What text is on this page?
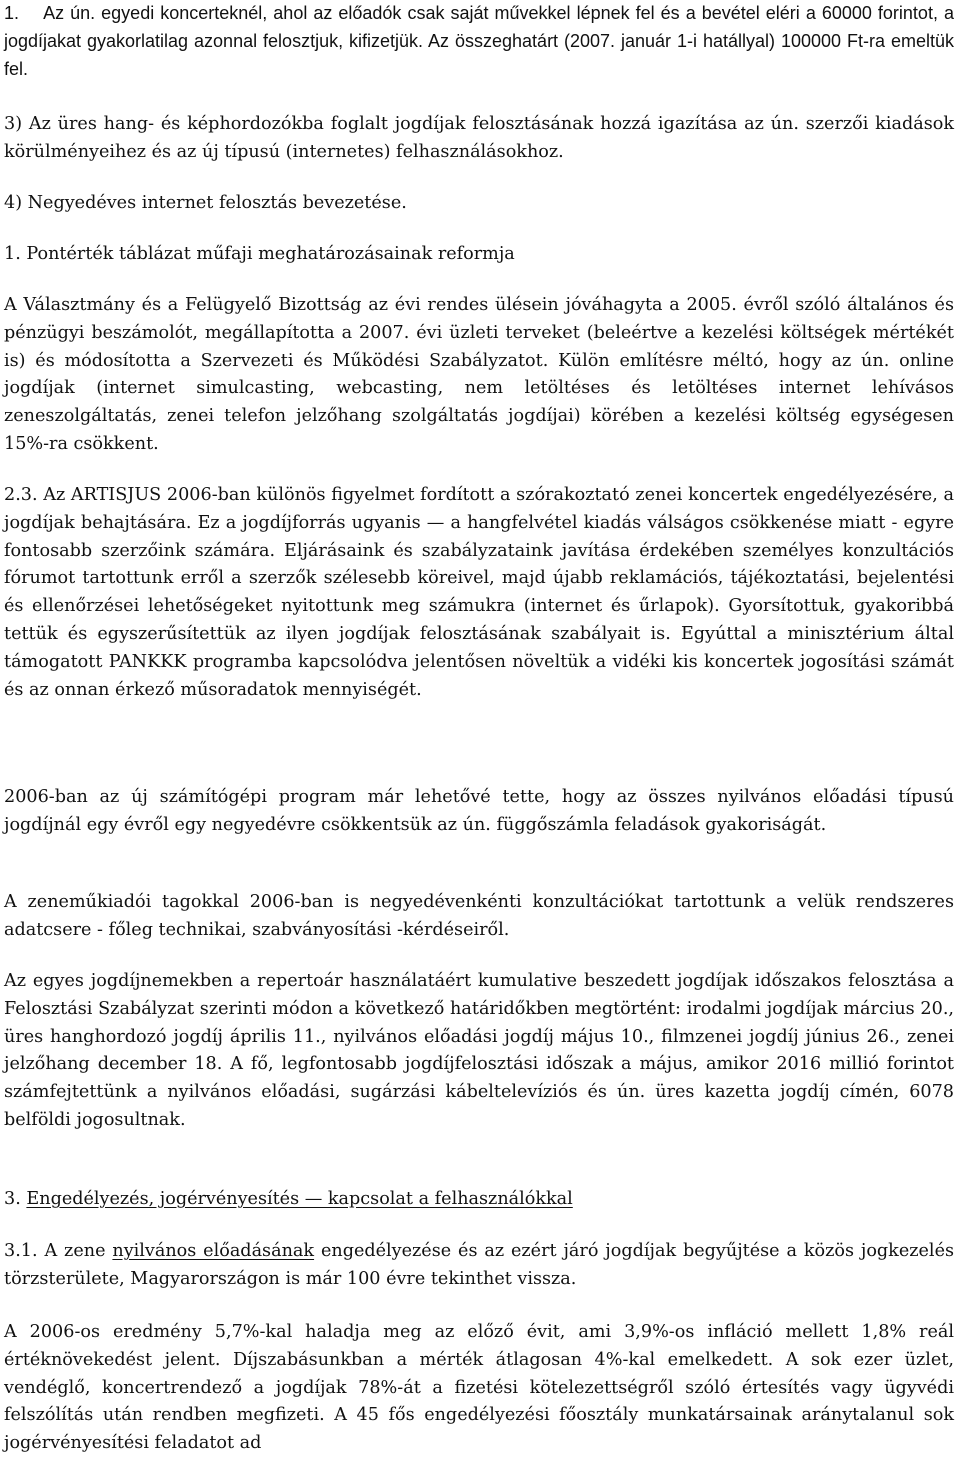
1. Az ún. egyedi koncerteknél, ahol az előadók csak saját művekkel lépnek fel és a bevétel eléri a 60000 forintot, a jogdíjakat gyakorlatilag azonnal felosztjuk, kifizetjük. Az összeghatárt (2007. január 1-i hatállyal) 100000 Ft-ra emeltük fel.

3) Az üres hang- és képhordozókba foglalt jogdíjak felosztásának hozzá igazítása az ún. szerzői kiadások körülményeihez és az új típusú (internetes) felhasználásokhoz.

4) Negyedéves internet felosztás bevezetése.

1. Pontérték táblázat műfaji meghatározásainak reformja

A Választmány és a Felügyelő Bizottság az évi rendes ülésein jóváhagyta a 2005. évről szóló általános és pénzügyi beszámolót, megállapította a 2007. évi üzleti terveket (beleértve a kezelési költségek mértékét is) és módosította a Szervezeti és Működési Szabályzatot. Külön említésre méltó, hogy az ún. online jogdíjak (internet simulcasting, webcasting, nem letöltéses és letöltéses internet lehívásos zeneszolgáltatás, zenei telefon jelzőhang szolgáltatás jogdíjai) körében a kezelési költség egységesen 15%-ra csökkent.

2.3. Az ARTISJUS 2006-ban különös figyelmet fordított a szórakoztató zenei koncertek engedélyezésére, a jogdíjak behajtására. Ez a jogdíjforrás ugyanis — a hangfelvétel kiadás válságos csökkenése miatt - egyre fontosabb szerzőink számára. Eljárásaink és szabályzataink javítása érdekében személyes konzultációs fórumot tartottunk erről a szerzők szélesebb köreivel, majd újabb reklamációs, tájékoztatási, bejelentési és ellenőrzései lehetőségeket nyitottunk meg számukra (internet és űrlapok). Gyorsítottuk, gyakoribbá tettük és egyszerűsítettük az ilyen jogdíjak felosztásának szabályait is. Egyúttal a minisztérium által támogatott PANKKK programba kapcsolódva jelentősen növeltük a vidéki kis koncertek jogosítási számát és az onnan érkező műsoradatok mennyiségét.

2006-ban az új számítógépi program már lehetővé tette, hogy az összes nyilvános előadási típusú jogdíjnál egy évről egy negyedévre csökkentsük az ún. függőszámla feladások gyakoriságát.

A zeneműkiadói tagokkal 2006-ban is negyedévenkénti konzultációkat tartottunk a velük rendszeres adatcsere - főleg technikai, szabványosítási -kérdéseiről.

Az egyes jogdíjnemekben a repertoár használatáért kumulative beszedett jogdíjak időszakos felosztása a Felosztási Szabályzat szerinti módon a következő határidőkben megtörtént: irodalmi jogdíjak március 20., üres hanghordozó jogdíj április 11., nyilvános előadási jogdíj május 10., filmzenei jogdíj június 26., zenei jelzőhang december 18. A fő, legfontosabb jogdíjfelosztási időszak a május, amikor 2016 millió forintot számfejtettünk a nyilvános előadási, sugárzási kábeltelevíziós és ún. üres kazetta jogdíj címén, 6078 belföldi jogosultnak.

3. Engedélyezés, jogérvényesítés — kapcsolat a felhasználókkal

3.1. A zene nyilvános előadásának engedélyezése és az ezért járó jogdíjak begyűjtése a közös jogkezelés törzsterülete, Magyarországon is már 100 évre tekinthet vissza.

A 2006-os eredmény 5,7%-kal haladja meg az előző évit, ami 3,9%-os infláció mellett 1,8% reál értéknövekedést jelent. Díjszabásunkban a mérték átlagosan 4%-kal emelkedett. A sok ezer üzlet, vendéglő, koncertrendező a jogdíjak 78%-át a fizetési kötelezettségről szóló értesítés vagy ügyvédi felszólítás után rendben megfizeti. A 45 fős engedélyezési főosztály munkatársainak aránytalanul sok jogérvényesítési feladatot ad
